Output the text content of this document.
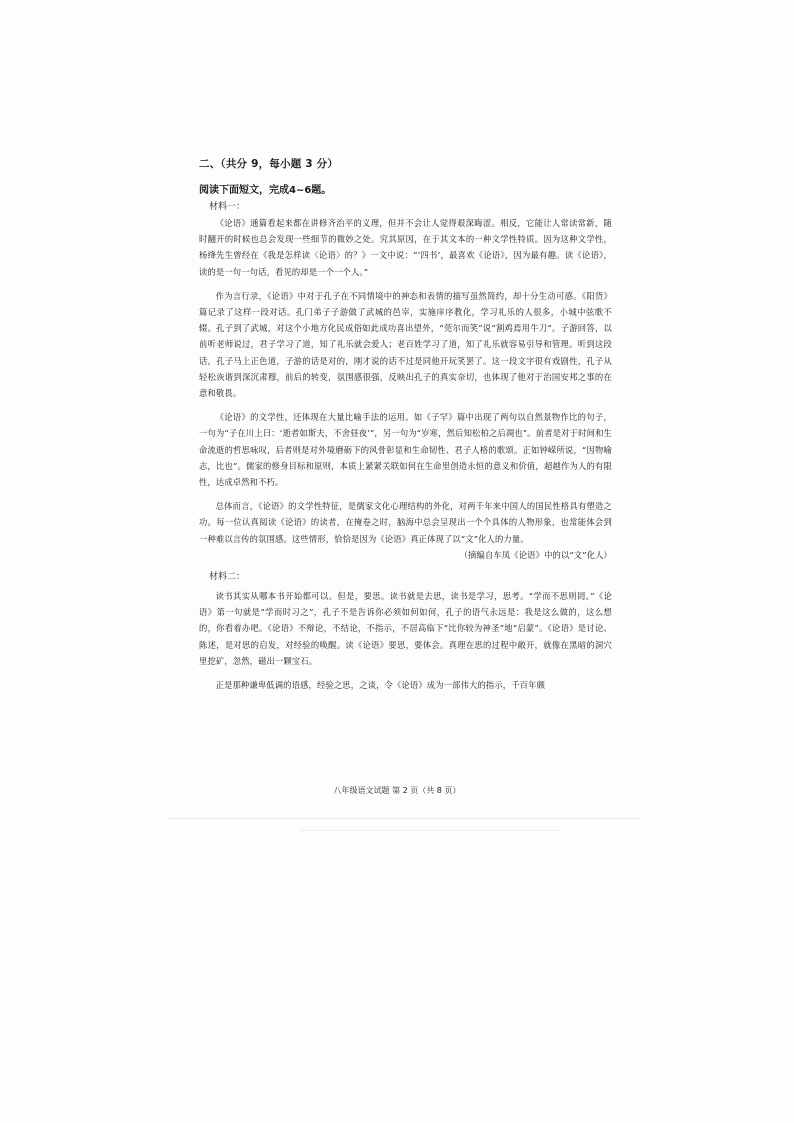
二、（共分 9，每小题 3 分）
阅读下面短文，完成4~6题。
材料一：

《论语》通篇看起来都在讲修齐治平的义理，但并不会让人觉得艰深晦涩。相反，它能让人常读常新，随时翻开的时候也总会发现一些细节的微妙之处。究其原因，在于其文本的一种文学性特质。因为这种文学性，杨绛先生曾经在《我是怎样读〈论语〉的？》一文中说：“‘四书’，最喜欢《论语》，因为最有趣。读《论语》，读的是一句一句话，看见的却是一个一个人。”

作为言行录，《论语》中对于孔子在不同情境中的神态和表情的描写虽然简约，却十分生动可感。《阳货》篇记录了这样一段对话。孔门弟子子游做了武城的邑宰，实施庠序教化，学习礼乐的人很多，小城中弦歌不辍。孔子到了武城，对这个小地方化民成俗如此成功喜出望外，“莞尔而笑”说“割鸡焉用牛刀”。子游回答，以前听老师说过，君子学习了道，知了礼乐就会爱人；老百姓学习了道，知了礼乐就容易引导和管理。听到这段话，孔子马上正色道，子游的话是对的，刚才说的话不过是同他开玩笑罢了。这一段文字很有戏剧性，孔子从轻松诙谐到深沉肃穆，前后的转变，氛围感很强，反映出孔子的真实奈切，也体现了他对于治国安邦之事的在意和敬畏。

《论语》的文学性，还体现在大量比喻手法的运用。如《子罕》篇中出现了两句以自然景物作比的句子，一句为“子在川上曰：‘逝者如斯夫，不舍昼夜’”，另一句为“岁寒，然后知松柏之后凋也”。前者是对于时间和生命流逝的哲思咏叹，后者则是对外境磨砺下的风骨彰显和生命韧性、君子人格的歌颂。正如钟嵘所说，“因物喻志，比也”。儒家的修身目标和原则，本质上紧紧关联如何在生命里创造永恒的意义和价值，超越作为人的有限性，达成卓然和不朽。

总体而言，《论语》的文学性特征，是儒家文化心理结构的外化，对两千年来中国人的国民性格具有塑造之功。每一位认真阅读《论语》的读者，在掩卷之时，脑海中总会呈现出一个个具体的人物形象，也常能体会到一种难以言传的氛围感。这些情形，恰恰是因为《论语》真正体现了以“文”化人的力量。
（摘编自车凤《论语》中的以“文”化人）

材料二：

读书其实从哪本书开始都可以。但是，要思。读书就是去思，读书是学习，思考。“学而不思则罔。”《论语》第一句就是“学而时习之”，孔子不是告诉你必须如何如何，孔子的语气永远是：我是这么做的，这么想的，你看着办吧。《论语》不辩论，不结论，不指示，不居高临下“比你较为神圣”地“启蒙”。《论语》是讨论、陈述，是对思的启发，对经验的唤醒。读《论语》要思，要体会。真理在思的过程中敞开，就像在黑暗的洞穴里挖矿，忽然，磁出一颗宝石。

正是那种谦卑低调的语感，经验之思，之谈，令《论语》成为一部伟大的指示，千百年颇

八年级语文试题 第 2 页（共 8 页）
